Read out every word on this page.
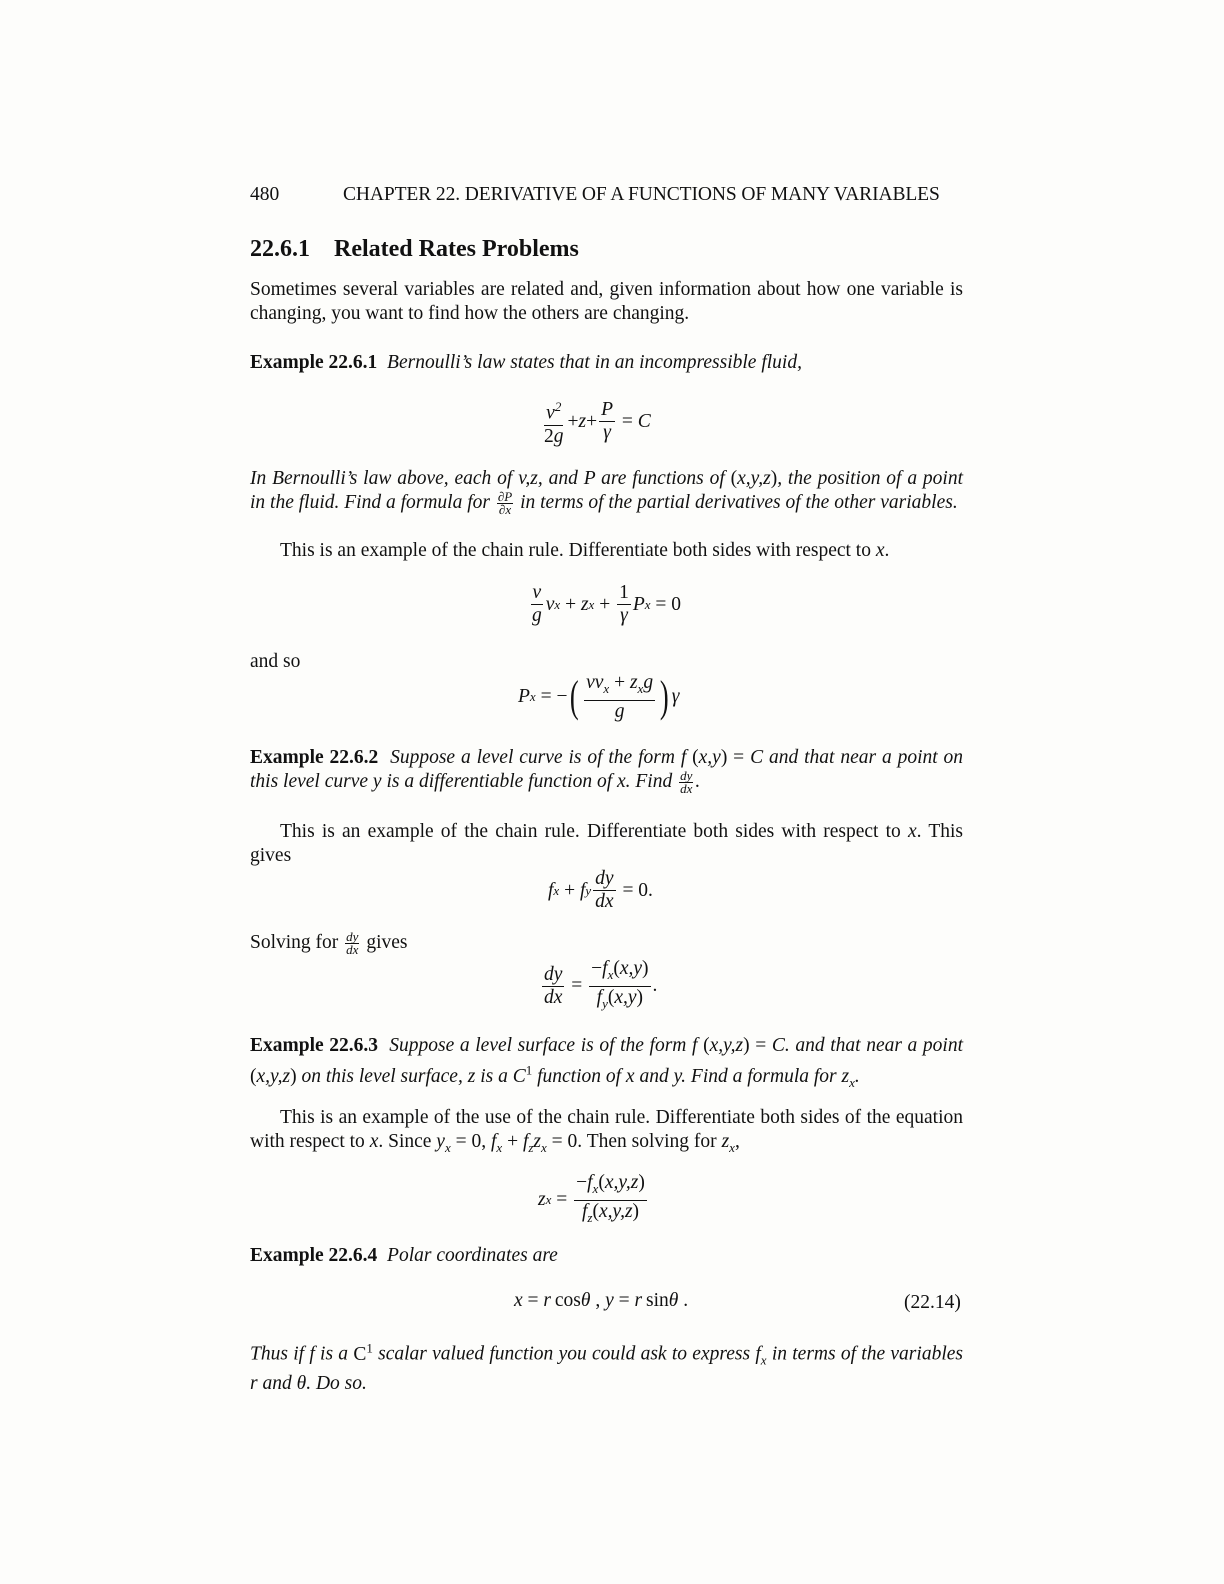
480	CHAPTER 22. DERIVATIVE OF A FUNCTIONS OF MANY VARIABLES
22.6.1 Related Rates Problems
Sometimes several variables are related and, given information about how one variable is changing, you want to find how the others are changing.
Example 22.6.1 Bernoulli’s law states that in an incompressible fluid,
$\frac{v^2}{2g} + z + \frac{P}{\gamma} = C$
In Bernoulli’s law above, each of v,z, and P are functions of (x,y,z), the position of a point in the fluid. Find a formula for $\frac{\partial P}{\partial x}$ in terms of the partial derivatives of the other variables.
This is an example of the chain rule. Differentiate both sides with respect to x.
$\frac{v}{g}$ v x + z $x + \frac{1}{\gamma}$ P x = 0
and so
P x = − ( $\frac{vv_x + z_xg}{g}$ ) γ
Example 22.6.2 Suppose a level curve is of the form f (x,y) = C and that near a point on this level curve y is a differentiable function of x. Find $\frac{dy}{dx}$ .
This is an example of the chain rule. Differentiate both sides with respect to x. This gives
f x + f y $\frac{dy}{dx} = 0$.
Solving for $\frac{dy}{dx}$ gives
$\frac{dy}{dx} = \frac{-f_x(x,y)}{f_y(x,y)}$ .
Example 22.6.3 Suppose a level surface is of the form f (x,y,z) = C. and that near a point (x,y,z) on this level surface, z is a $C^1$ function of x and y. Find a formula for $z_x$.
This is an example of the use of the chain rule. Differentiate both sides of the equation with respect to x. Since $y_x = 0$, $f_x + f_zz_x = 0$. Then solving for $z_x$,
z $x = \frac{-f_x(x,y,z)}{f_z(x,y,z)}$
Example 22.6.4 Polar coordinates are
x = r  cos θ , y = r  sin θ .	(22.14)
Thus if f is a $C^1$ scalar valued function you could ask to express $f_x$ in terms of the variables r and θ. Do so.
